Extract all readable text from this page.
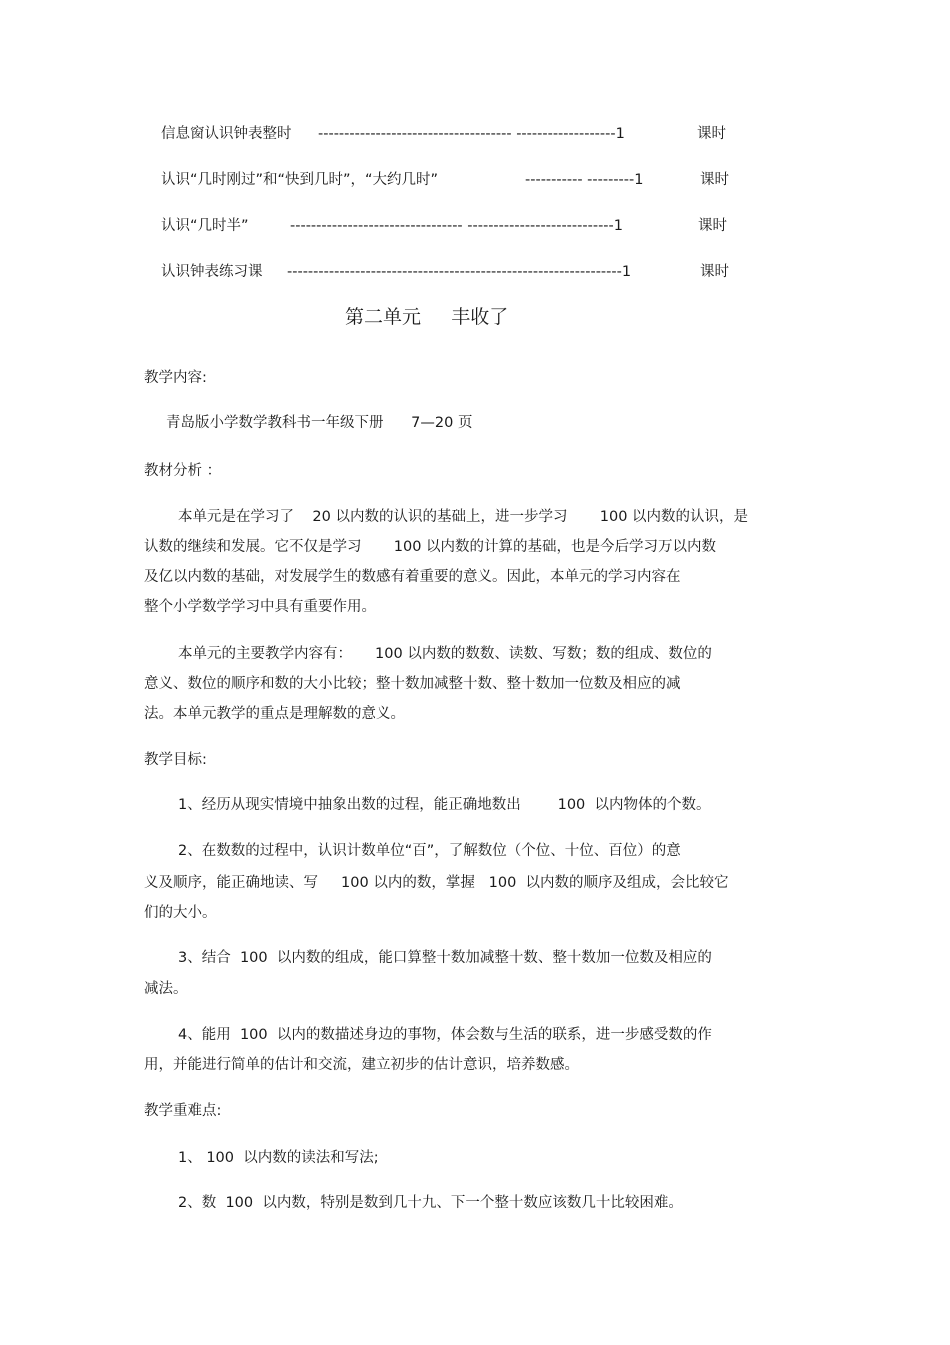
信息窗认识钟表整时 ------------------------------------- -------------------1	课时
认识“几时刚过”和“快到几时”，“大约几时”	----------- ---------1	课时
认识“几时半”	--------------------------------- ----------------------------1	课时
认识钟表练习课 ----------------------------------------------------------------1	课时
第二单元     丰收了
教学内容:
青岛版小学数学教科书一年级下册      7—20 页
教材分析 ：
本单元是在学习了    20 以内数的认识的基础上，进一步学习       100 以内数的认识，是
认数的继续和发展。它不仅是学习       100 以内数的计算的基础，也是今后学习万以内数
及亿以内数的基础，对发展学生的数感有着重要的意义。因此，本单元的学习内容在
整个小学数学学习中具有重要作用。
本单元的主要教学内容有：     100 以内数的数数、读数、写数；数的组成、数位的
意义、数位的顺序和数的大小比较；整十数加减整十数、整十数加一位数及相应的减
法。本单元教学的重点是理解数的意义。
教学目标:
1、经历从现实情境中抽象出数的过程，能正确地数出        100  以内物体的个数。
2、在数数的过程中，认识计数单位“百”，了解数位（个位、十位、百位）的意
义及顺序，能正确地读、写     100 以内的数，掌握   100  以内数的顺序及组成，会比较它
们的大小。
3、结合  100  以内数的组成，能口算整十数加减整十数、整十数加一位数及相应的
减法。
4、能用  100  以内的数描述身边的事物，体会数与生活的联系，进一步感受数的作
用，并能进行简单的估计和交流，建立初步的估计意识，培养数感。
教学重难点:
1、 100  以内数的读法和写法;
2、数  100  以内数，特别是数到几十九、下一个整十数应该数几十比较困难。
